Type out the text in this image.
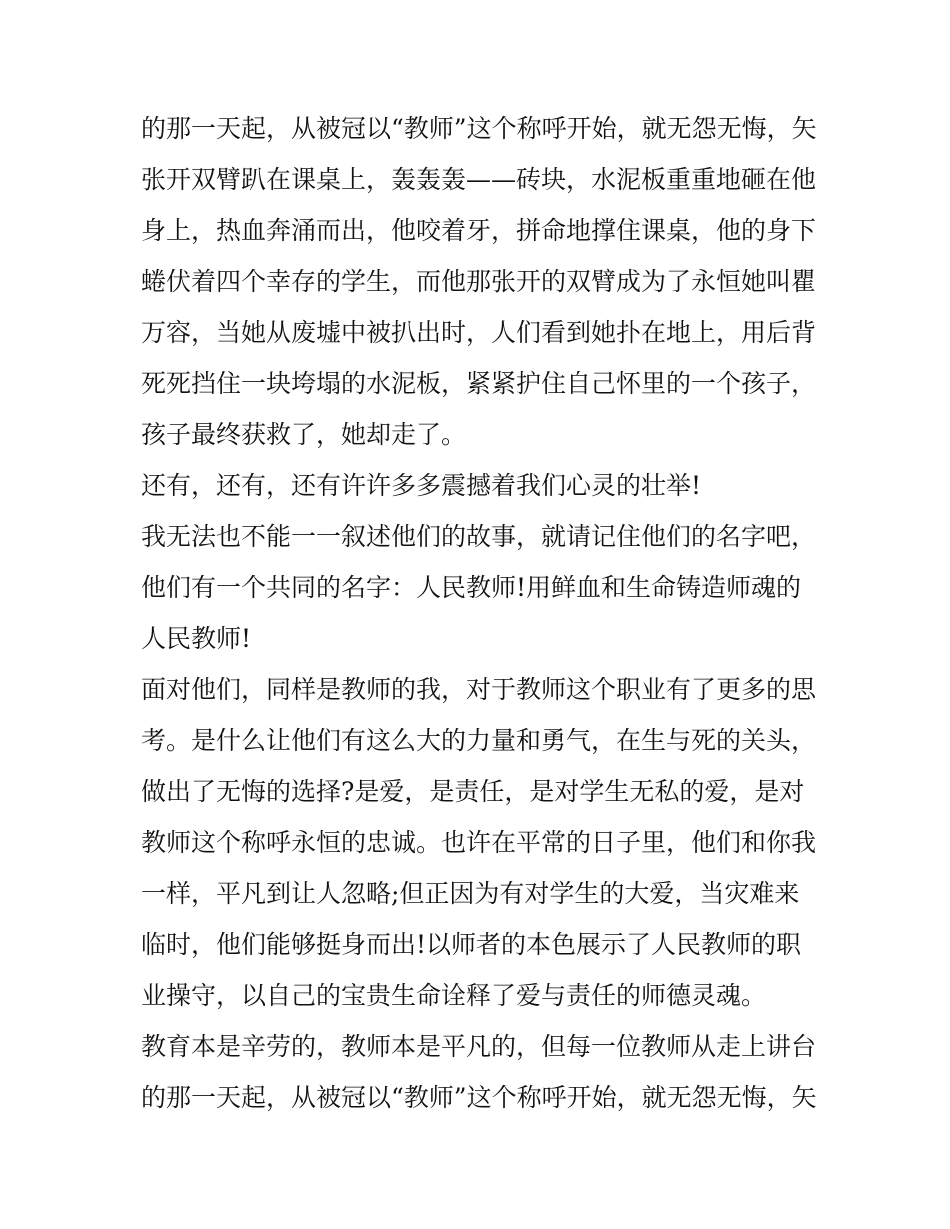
的那一天起，从被冠以“教师”这个称呼开始，就无怨无悔，矢
张开双臂趴在课桌上，轰轰轰——砖块，水泥板重重地砸在他
身上，热血奔涌而出，他咬着牙，拼命地撑住课桌，他的身下
蜷伏着四个幸存的学生，而他那张开的双臂成为了永恒她叫瞿
万容，当她从废墟中被扒出时，人们看到她扑在地上，用后背
死死挡住一块垮塌的水泥板，紧紧护住自己怀里的一个孩子，
孩子最终获救了，她却走了。
还有，还有，还有许许多多震撼着我们心灵的壮举!
我无法也不能一一叙述他们的故事，就请记住他们的名字吧，
他们有一个共同的名字：人民教师!用鲜血和生命铸造师魂的
人民教师!
面对他们，同样是教师的我，对于教师这个职业有了更多的思
考。是什么让他们有这么大的力量和勇气，在生与死的关头，
做出了无悔的选择?是爱，是责任，是对学生无私的爱，是对
教师这个称呼永恒的忠诚。也许在平常的日子里，他们和你我
一样，平凡到让人忽略;但正因为有对学生的大爱，当灾难来
临时，他们能够挺身而出!以师者的本色展示了人民教师的职
业操守，以自己的宝贵生命诠释了爱与责任的师德灵魂。
教育本是辛劳的，教师本是平凡的，但每一位教师从走上讲台
的那一天起，从被冠以“教师”这个称呼开始，就无怨无悔，矢
